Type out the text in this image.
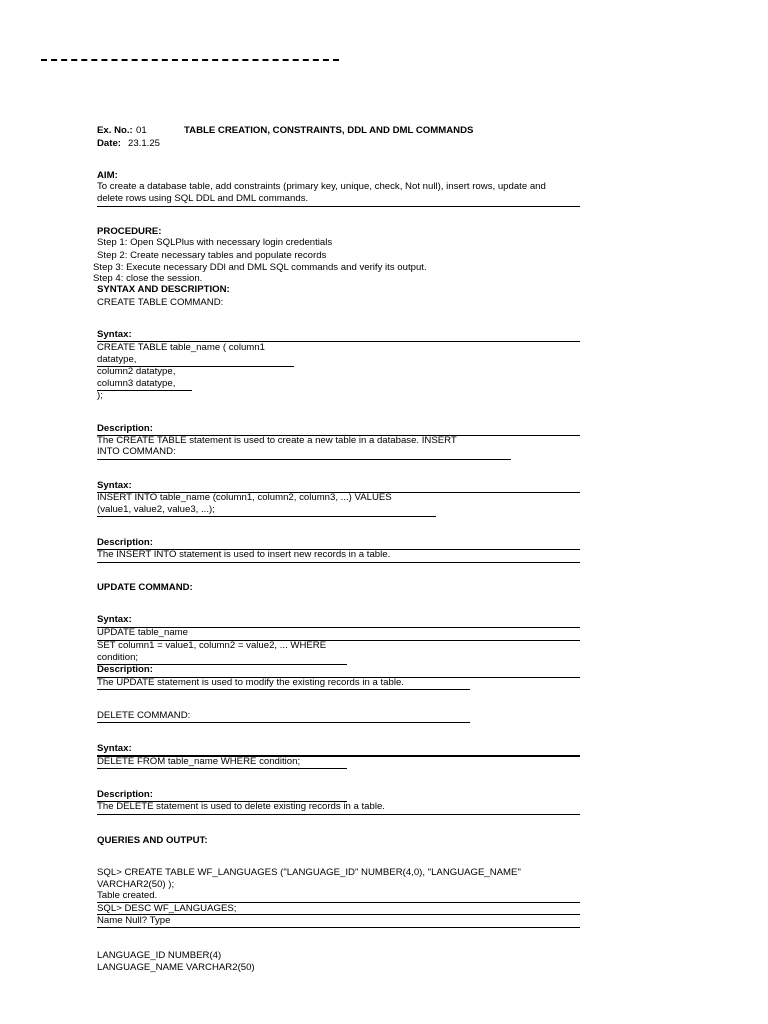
Ex. No.: 01	TABLE CREATION, CONSTRAINTS, DDL AND DML COMMANDS
Date: 23.1.25
AIM:
To create a database table, add constraints (primary key, unique, check, Not null), insert rows, update and
delete rows using SQL DDL and DML commands.
PROCEDURE:
Step 1: Open SQLPlus with necessary login credentials
Step 2: Create necessary tables and populate records
Step 3: Execute necessary DDl and DML SQL commands and verify its output.
Step 4: close the session.
SYNTAX AND DESCRIPTION:
CREATE TABLE COMMAND:
Syntax:
CREATE TABLE table_name ( column1
datatype,
column2 datatype,
column3 datatype,
);
Description:
The CREATE TABLE statement is used to create a new table in a database. INSERT
INTO COMMAND:
Syntax:
INSERT INTO table_name (column1, column2, column3, ...) VALUES
(value1, value2, value3, ...);
Description:
The INSERT INTO statement is used to insert new records in a table.
UPDATE COMMAND:
Syntax:
UPDATE table_name
SET column1 = value1, column2 = value2, ... WHERE
condition;
Description:
The UPDATE statement is used to modify the existing records in a table.
DELETE COMMAND:
Syntax:
DELETE FROM table_name WHERE condition;
Description:
The DELETE statement is used to delete existing records in a table.
QUERIES AND OUTPUT:
SQL> CREATE TABLE WF_LANGUAGES ("LANGUAGE_ID" NUMBER(4,0), "LANGUAGE_NAME"
VARCHAR2(50) );
Table created.
SQL> DESC WF_LANGUAGES;
Name Null? Type
LANGUAGE_ID NUMBER(4)
LANGUAGE_NAME VARCHAR2(50)
